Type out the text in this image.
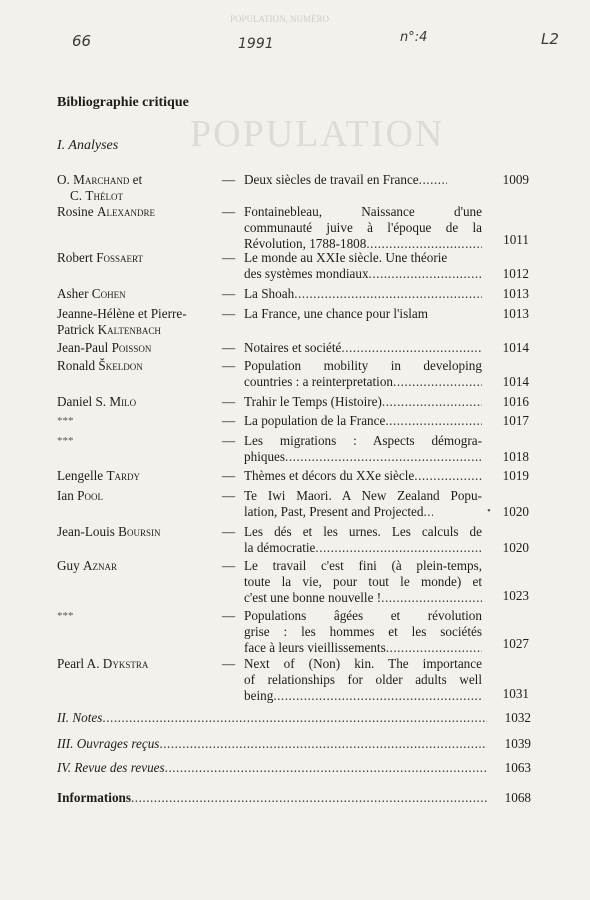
POPULATION
POPULATION, NUMÉRO
66	1991	n°:4	L2
Bibliographie critique
I. Analyses
O. Marchand et
C. Thélot
— Deux siècles de travail en France .....	1009
Rosine Alexandre	— Fontainebleau, Naissance d'une
communauté juive à l'époque de la
Révolution, 1788-1808 .....	1011
Robert Fossaert	— Le monde au XXIe siècle. Une théorie
des systèmes mondiaux .....	1012
Asher Cohen	— La Shoah .....	1013
Jeanne-Hélène et Pierre-
Patrick Kaltenbach
— La France, une chance pour l'islam	1013
Jean-Paul Poisson	— Notaires et société .....	1014
Ronald Škeldon	— Population mobility in developing
countries : a reinterpretation .....	1014
Daniel S. Milo	— Trahir le Temps (Histoire) .....	1016
***	— La population de la France .....	1017
***	— Les migrations : Aspects démogra-
phiques .....	1018
Lengelle Tardy	— Thèmes et décors du XXe siècle .....	1019
Ian Pool	— Te Iwi Maori. A New Zealand Popu-
lation, Past, Present and Projected .....	1020
•
Jean-Louis Boursin	— Les dés et les urnes. Les calculs de
la démocratie .....	1020
Guy Aznar	— Le travail c'est fini (à plein-temps,
toute la vie, pour tout le monde) et
c'est une bonne nouvelle ! .....	1023
***	— Populations âgées et révolution
grise : les hommes et les sociétés
face à leurs vieillissements .....	1027
Pearl A. Dykstra	— Next of (Non) kin. The importance
of relationships for older adults well
being .....	1031
II. Notes .....	1032
III. Ouvrages reçus .....	1039
IV. Revue des revues .....	1063
Informations .....	1068
